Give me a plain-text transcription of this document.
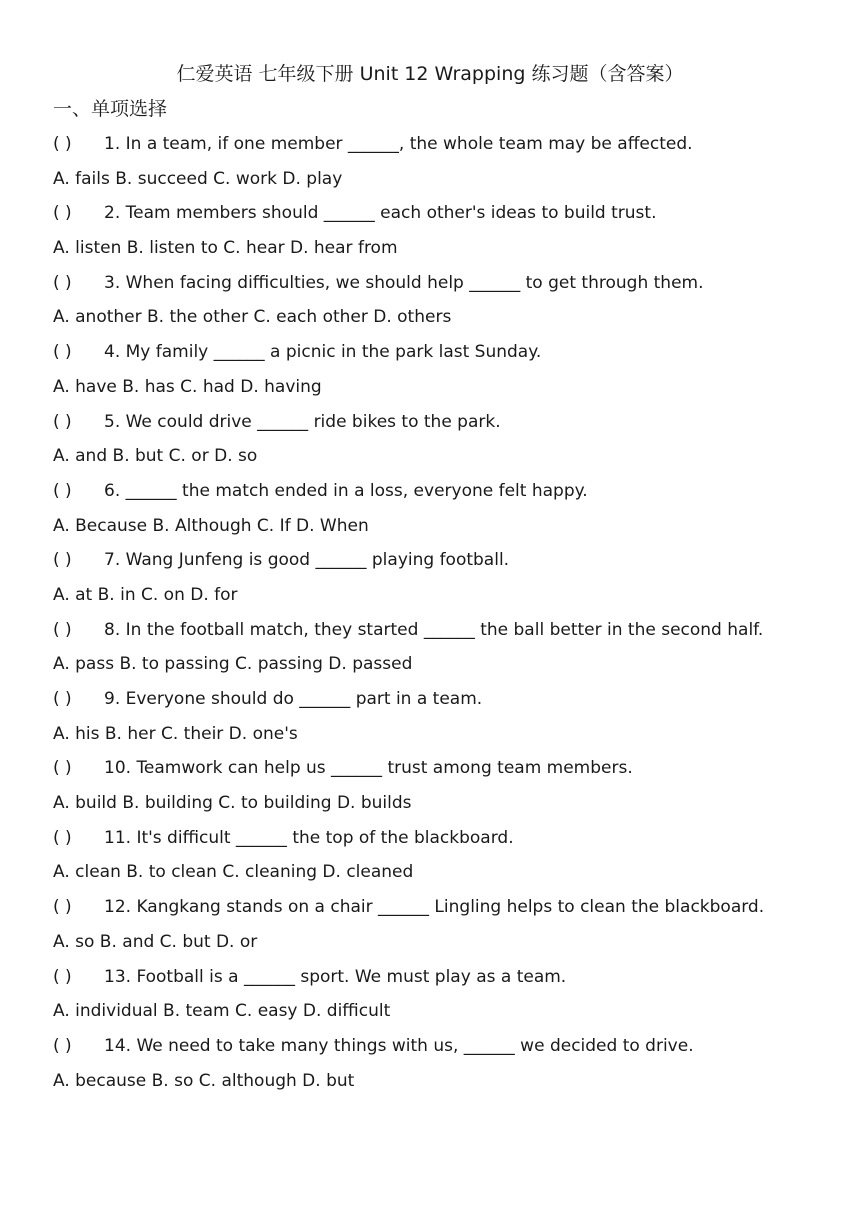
仁爱英语 七年级下册 Unit 12 Wrapping 练习题（含答案）
一、单项选择
( ) 1. In a team, if one member ______, the whole team may be affected.
A. fails B. succeed C. work D. play
( ) 2. Team members should ______ each other's ideas to build trust.
A. listen B. listen to C. hear D. hear from
( ) 3. When facing difficulties, we should help ______ to get through them.
A. another B. the other C. each other D. others
( ) 4. My family ______ a picnic in the park last Sunday.
A. have B. has C. had D. having
( ) 5. We could drive ______ ride bikes to the park.
A. and B. but C. or D. so
( ) 6. ______ the match ended in a loss, everyone felt happy.
A. Because B. Although C. If D. When
( ) 7. Wang Junfeng is good ______ playing football.
A. at B. in C. on D. for
( ) 8. In the football match, they started ______ the ball better in the second half.
A. pass B. to passing C. passing D. passed
( ) 9. Everyone should do ______ part in a team.
A. his B. her C. their D. one's
( ) 10. Teamwork can help us ______ trust among team members.
A. build B. building C. to building D. builds
( ) 11. It's difficult ______ the top of the blackboard.
A. clean B. to clean C. cleaning D. cleaned
( ) 12. Kangkang stands on a chair ______ Lingling helps to clean the blackboard.
A. so B. and C. but D. or
( ) 13. Football is a ______ sport. We must play as a team.
A. individual B. team C. easy D. difficult
( ) 14. We need to take many things with us, ______ we decided to drive.
A. because B. so C. although D. but
